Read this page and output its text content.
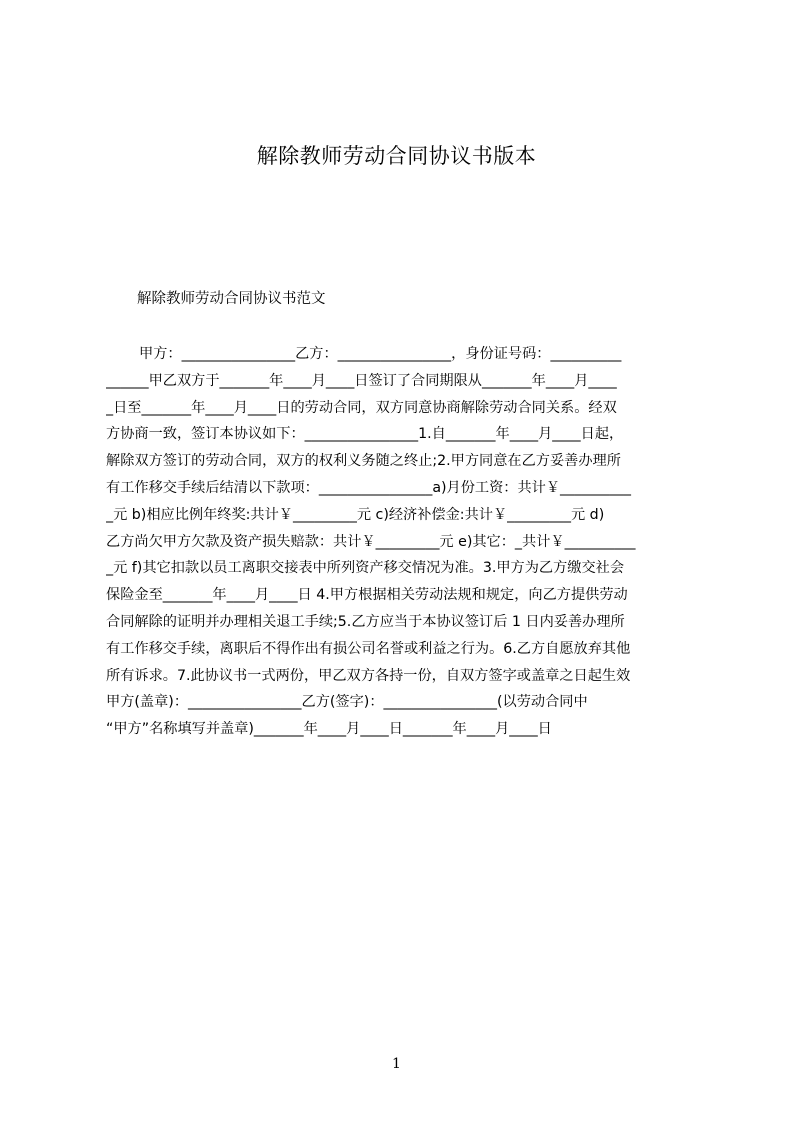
解除教师劳动合同协议书版本

解除教师劳动合同协议书范文

甲方：________________乙方：________________，身份证号码：__________
______甲乙双方于_______年____月____日签订了合同期限从_______年____月____
_日至_______年____月____日的劳动合同，双方同意协商解除劳动合同关系。经双
方协商一致，签订本协议如下：________________1.自_______年____月____日起，
解除双方签订的劳动合同，双方的权利义务随之终止;2.甲方同意在乙方妥善办理所
有工作移交手续后结清以下款项：________________a)月份工资：共计￥__________
_元 b)相应比例年终奖:共计￥_________元 c)经济补偿金:共计￥_________元 d)
乙方尚欠甲方欠款及资产损失赔款：共计￥_________元 e)其它：_共计￥__________
_元 f)其它扣款以员工离职交接表中所列资产移交情况为准。3.甲方为乙方缴交社会
保险金至_______年____月____日 4.甲方根据相关劳动法规和规定，向乙方提供劳动
合同解除的证明并办理相关退工手续;5.乙方应当于本协议签订后 1 日内妥善办理所
有工作移交手续，离职后不得作出有损公司名誉或利益之行为。6.乙方自愿放弃其他
所有诉求。7.此协议书一式两份，甲乙双方各持一份，自双方签字或盖章之日起生效
甲方(盖章)：________________乙方(签字)：________________(以劳动合同中
“甲方”名称填写并盖章)_______年____月____日_______年____月____日
1
